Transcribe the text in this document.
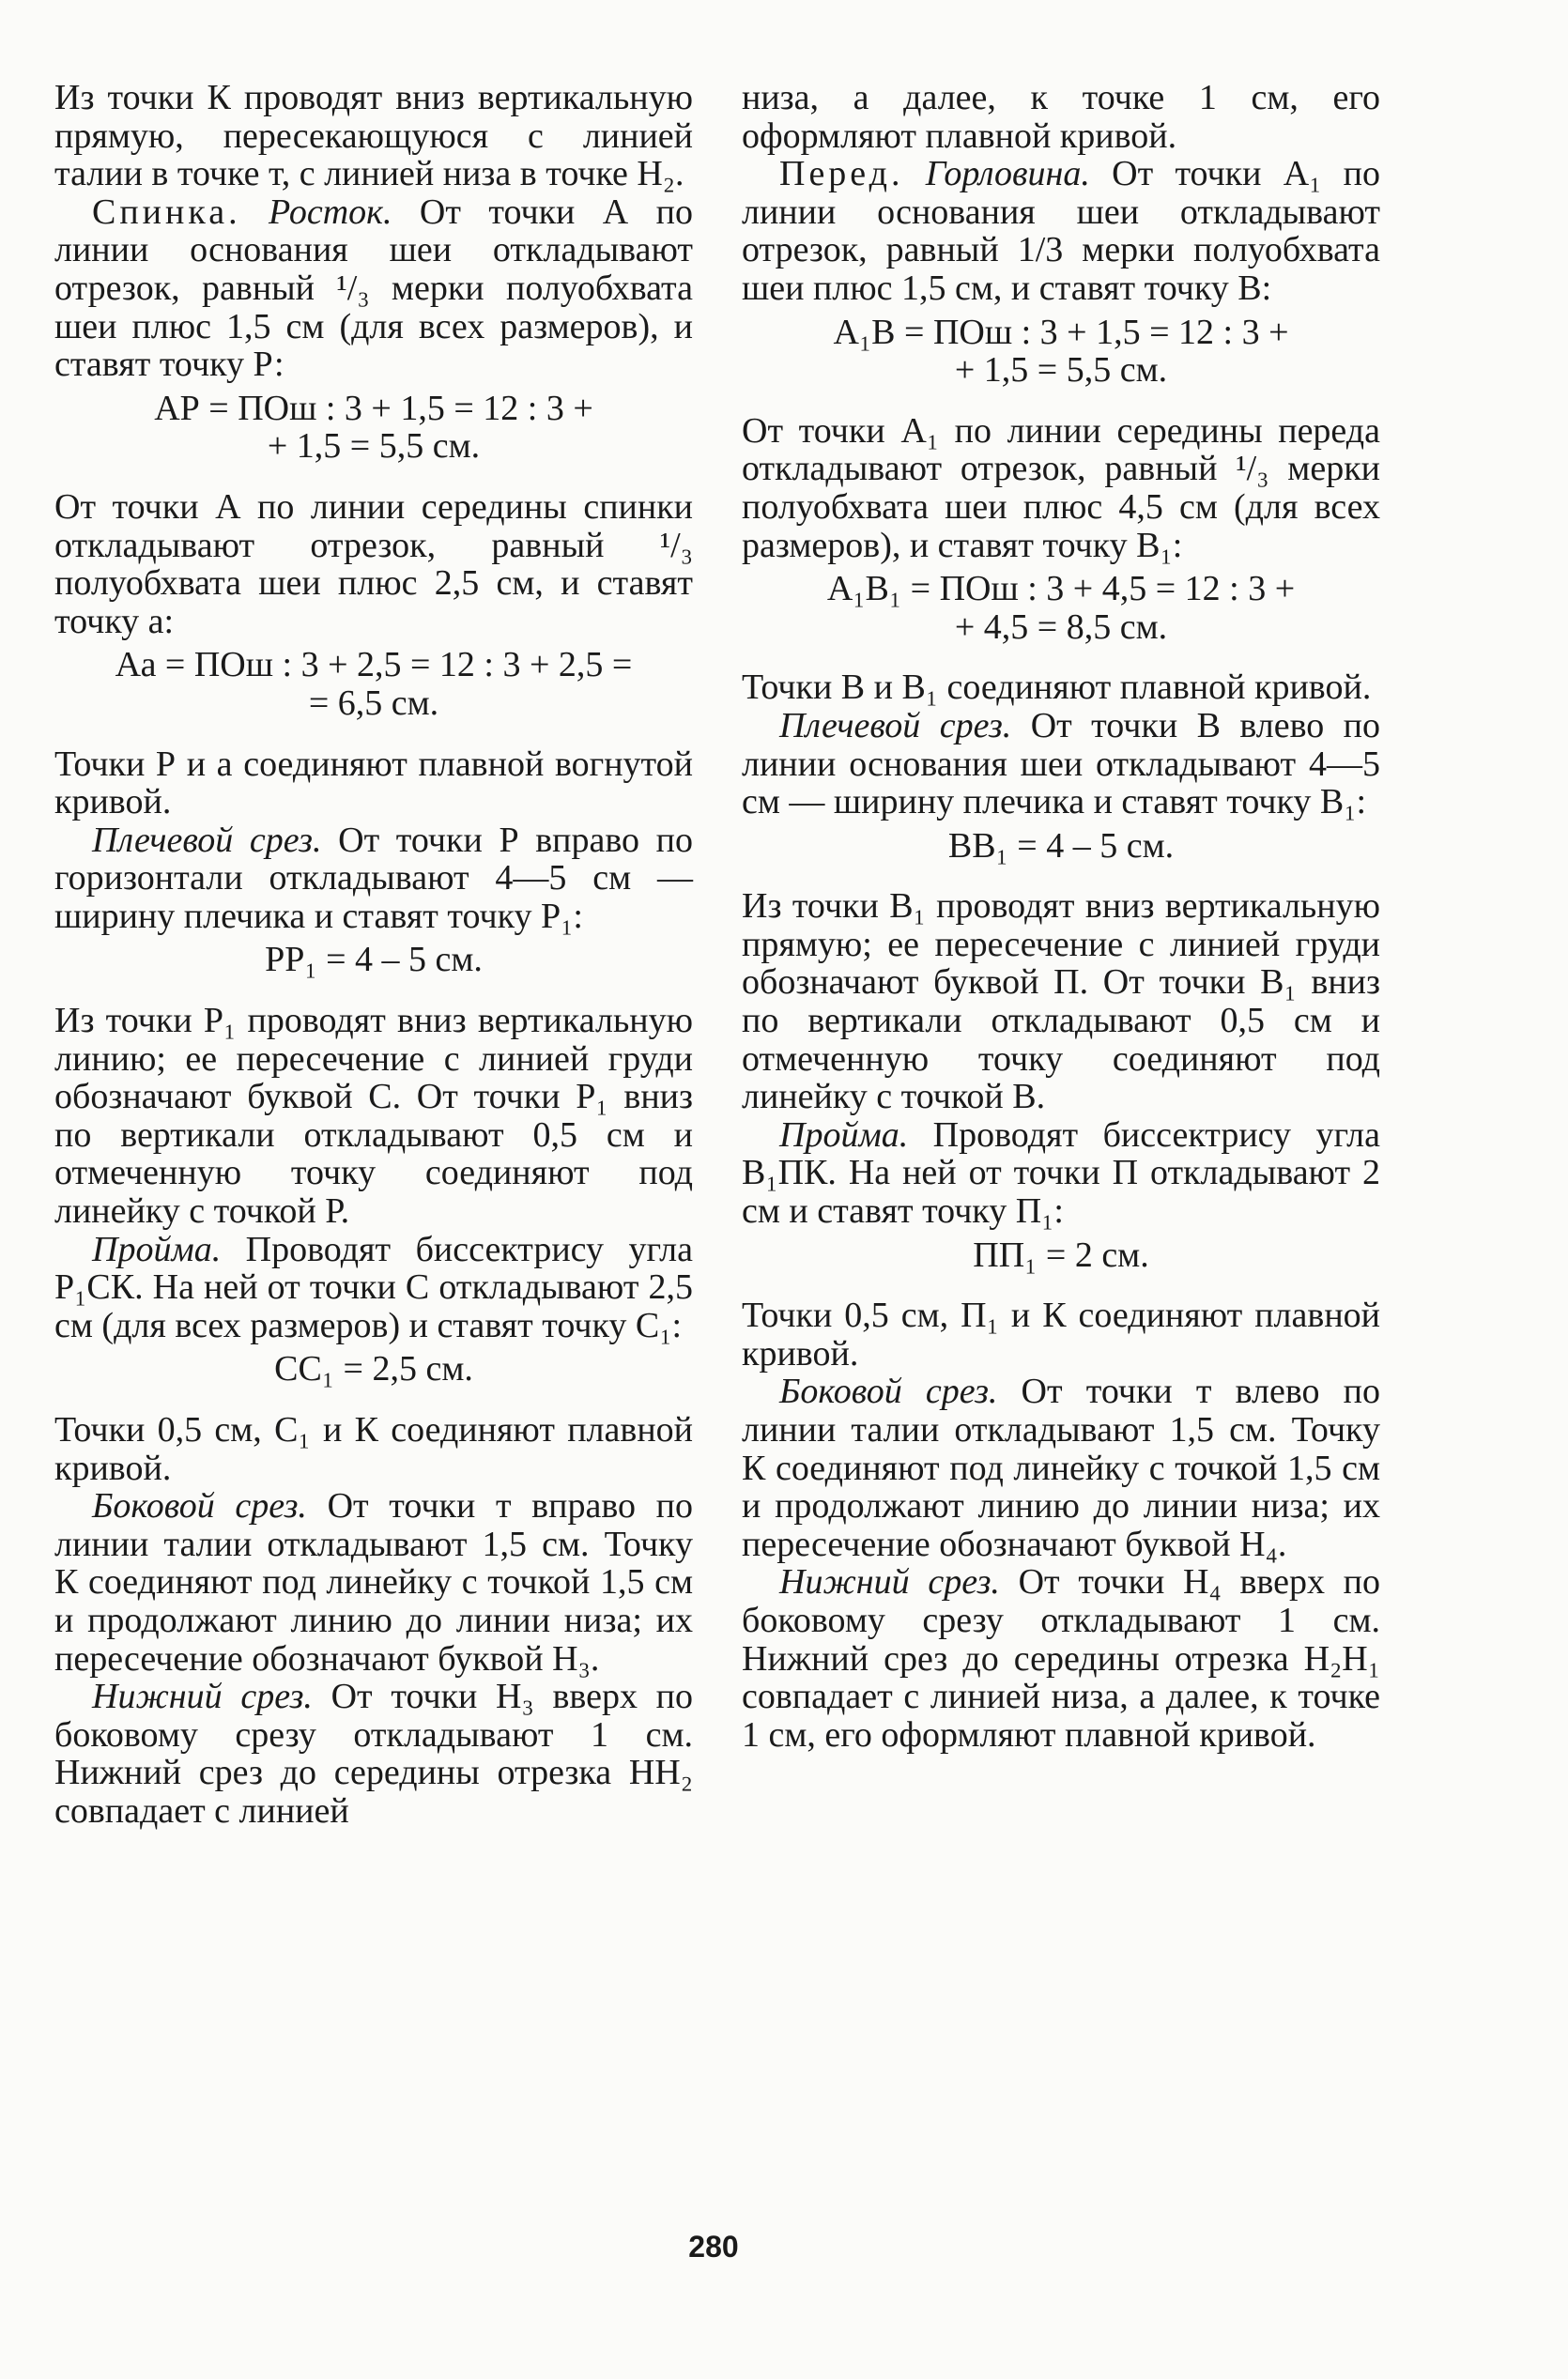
Из точки К проводят вниз вертикальную прямую, пересекающуюся с линией талии в точке т, с линией низа в точке Н₂.

Спинка. Росток. От точки А по линии основания шеи откладывают отрезок, равный ¹/₃ мерки полуобхвата шеи плюс 1,5 см (для всех размеров), и ставят точку Р:

АР = ПОш : 3 + 1,5 = 12 : 3 +
+ 1,5 = 5,5 см.

От точки А по линии середины спинки откладывают отрезок, равный ¹/₃ полуобхвата шеи плюс 2,5 см, и ставят точку а:

Аа = ПОш : 3 + 2,5 = 12 : 3 + 2,5 =
= 6,5 см.

Точки Р и а соединяют плавной вогнутой кривой.

Плечевой срез. От точки Р вправо по горизонтали откладывают 4—5 см — ширину плечика и ставят точку Р₁:

РР₁ = 4 – 5 см.

Из точки Р₁ проводят вниз вертикальную линию; ее пересечение с линией груди обозначают буквой С. От точки Р₁ вниз по вертикали откладывают 0,5 см и отмеченную точку соединяют под линейку с точкой Р.

Пройма. Проводят биссектрису угла Р₁СК. На ней от точки С откладывают 2,5 см (для всех размеров) и ставят точку С₁:

СС₁ = 2,5 см.

Точки 0,5 см, С₁ и К соединяют плавной кривой.

Боковой срез. От точки т вправо по линии талии откладывают 1,5 см. Точку К соединяют под линейку с точкой 1,5 см и продолжают линию до линии низа; их пересечение обозначают буквой Н₃.

Нижний срез. От точки Н₃ вверх по боковому срезу откладывают 1 см. Нижний срез до середины отрезка НН₂ совпадает с линией

низа, а далее, к точке 1 см, его оформляют плавной кривой.

Перед. Горловина. От точки А₁ по линии основания шеи откладывают отрезок, равный 1/3 мерки полуобхвата шеи плюс 1,5 см, и ставят точку В:

А₁В = ПОш : 3 + 1,5 = 12 : 3 +
+ 1,5 = 5,5 см.

От точки А₁ по линии середины переда откладывают отрезок, равный ¹/₃ мерки полуобхвата шеи плюс 4,5 см (для всех размеров), и ставят точку В₁:

А₁В₁ = ПОш : 3 + 4,5 = 12 : 3 +
+ 4,5 = 8,5 см.

Точки В и В₁ соединяют плавной кривой.

Плечевой срез. От точки В влево по линии основания шеи откладывают 4—5 см — ширину плечика и ставят точку В₁:

ВВ₁ = 4 – 5 см.

Из точки В₁ проводят вниз вертикальную прямую; ее пересечение с линией груди обозначают буквой П. От точки В₁ вниз по вертикали откладывают 0,5 см и отмеченную точку соединяют под линейку с точкой В.

Пройма. Проводят биссектрису угла В₁ПК. На ней от точки П откладывают 2 см и ставят точку П₁:

ПП₁ = 2 см.

Точки 0,5 см, П₁ и К соединяют плавной кривой.

Боковой срез. От точки т влево по линии талии откладывают 1,5 см. Точку К соединяют под линейку с точкой 1,5 см и продолжают линию до линии низа; их пересечение обозначают буквой Н₄.

Нижний срез. От точки Н₄ вверх по боковому срезу откладывают 1 см. Нижний срез до середины отрезка Н₂Н₁ совпадает с линией низа, а далее, к точке 1 см, его оформляют плавной кривой.

280
